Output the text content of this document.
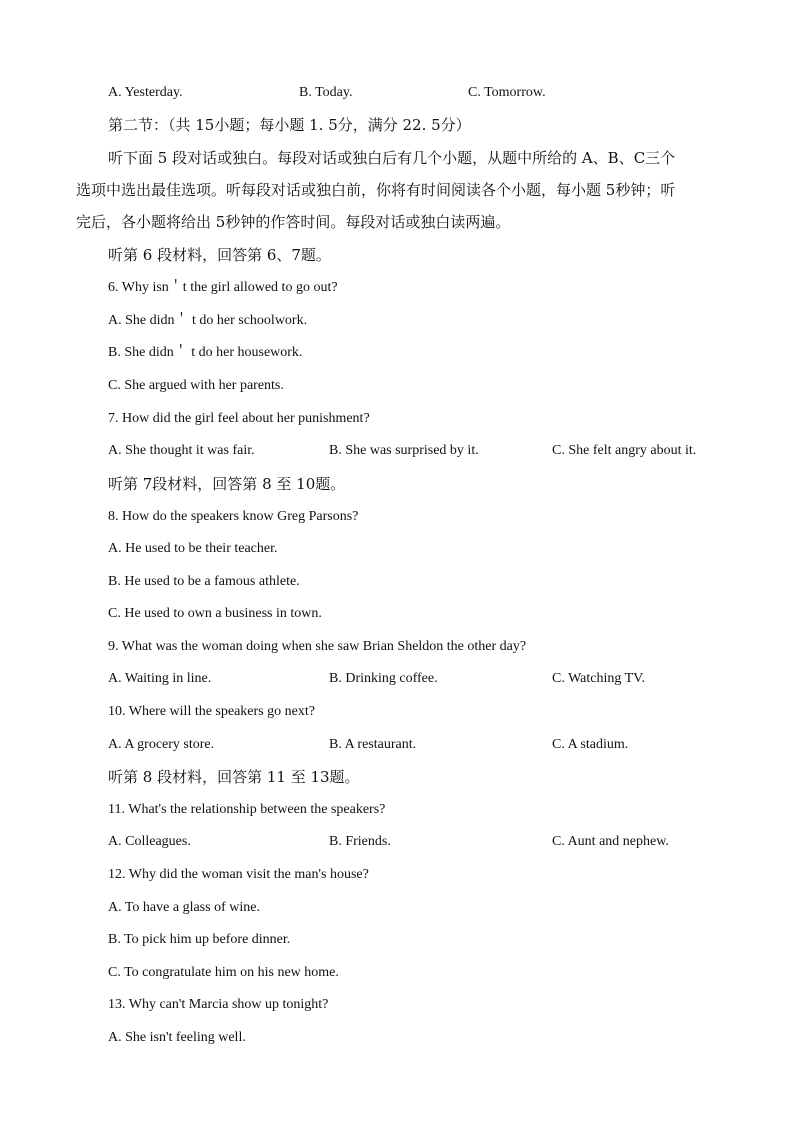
A. Yesterday.	B. Today.	C. Tomorrow.
第二节：（共 15小题；每小题 1. 5分，满分 22. 5分）
听下面 5 段对话或独白。每段对话或独白后有几个小题，从题中所给的 A、B、C三个
选项中选出最佳选项。听每段对话或独白前，你将有时间阅读各个小题，每小题 5秒钟；听
完后，各小题将给出 5秒钟的作答时间。每段对话或独白读两遍。
听第 6 段材料，回答第 6、7题。
6. Why isn＇t the girl allowed to go out?
A. She didn＇ t do her schoolwork.
B. She didn＇ t do her housework.
C. She argued with her parents.
7. How did the girl feel about her punishment?
A. She thought it was fair.	B. She was surprised by it.	C. She felt angry about it.
听第 7段材料，回答第 8 至 10题。
8. How do the speakers know Greg Parsons?
A. He used to be their teacher.
B. He used to be a famous athlete.
C. He used to own a business in town.
9. What was the woman doing when she saw Brian Sheldon the other day?
A. Waiting in line.	B. Drinking coffee.	C. Watching TV.
10. Where will the speakers go next?
A. A grocery store.	B. A restaurant.	C. A stadium.
听第 8 段材料，回答第 11 至 13题。
11. What's the relationship between the speakers?
A. Colleagues.	B. Friends.	C. Aunt and nephew.
12. Why did the woman visit the man's house?
A. To have a glass of wine.
B. To pick him up before dinner.
C. To congratulate him on his new home.
13. Why can't Marcia show up tonight?
A. She isn't feeling well.
